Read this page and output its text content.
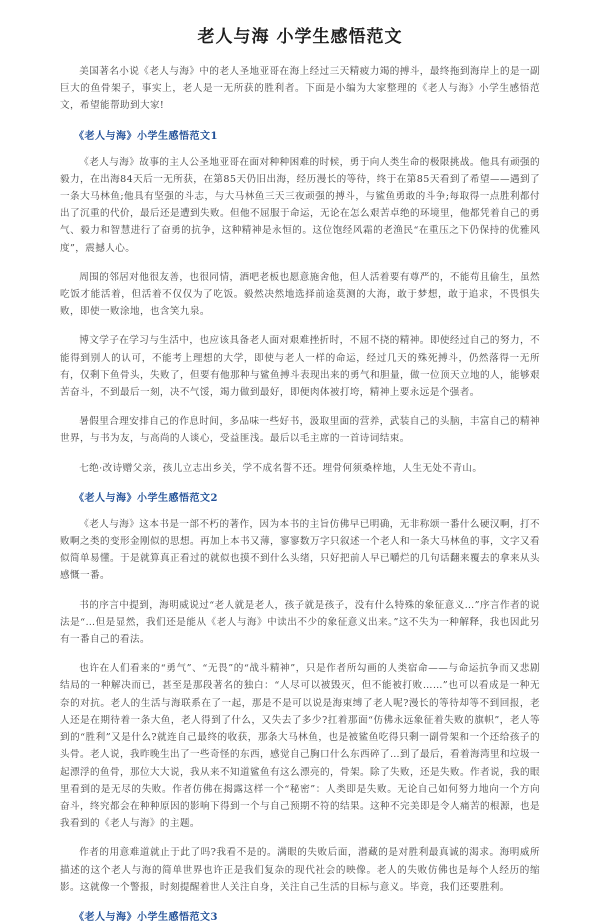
老人与海 小学生感悟范文

美国著名小说《老人与海》中的老人圣地亚哥在海上经过三天精疲力竭的搏斗，最终拖到海岸上的是一副巨大的鱼骨架子，事实上，老人是一无所获的胜利者。下面是小编为大家整理的《老人与海》小学生感悟范文，希望能帮助到大家!

《老人与海》小学生感悟范文1

《老人与海》故事的主人公圣地亚哥在面对种种困难的时候，勇于向人类生命的极限挑战。他具有顽强的毅力，在出海84天后一无所获，在第85天仍旧出海，经历漫长的等待，终于在第85天看到了希望——遇到了一条大马林鱼;他具有坚强的斗志，与大马林鱼三天三夜顽强的搏斗，与鲨鱼勇敢的斗争;每取得一点胜利都付出了沉重的代价，最后还是遭到失败。但他不屈服于命运，无论在怎么艰苦卓绝的环境里，他都凭着自己的勇气、毅力和智慧进行了奋勇的抗争，这种精神是永恒的。这位饱经风霜的老渔民“在重压之下仍保持的优雅风度”，震撼人心。

周围的邻居对他很友善，也很同情，酒吧老板也愿意施舍他，但人活着要有尊严的，不能苟且偷生，虽然吃饭才能活着，但活着不仅仅为了吃饭。毅然决然地选择前途莫测的大海，敢于梦想，敢于追求，不畏惧失败，即使一败涂地，也含笑九泉。

博文学子在学习与生活中，也应该具备老人面对艰难挫折时，不屈不挠的精神。即使经过自己的努力，不能得到别人的认可，不能考上理想的大学，即使与老人一样的命运，经过几天的殊死搏斗，仍然落得一无所有，仅剩下鱼骨头，失败了，但要有他那种与鲨鱼搏斗表现出来的勇气和胆量，做一位顶天立地的人，能够艰苦奋斗，不到最后一刻，决不气馁，竭力做到最好，即便肉体被打垮，精神上要永远是个强者。

暑假里合理安排自己的作息时间，多品味一些好书，汲取里面的营养，武装自己的头脑，丰富自己的精神世界，与书为友，与高尚的人谈心，受益匪浅。最后以毛主席的一首诗词结束。

七绝·改诗赠父亲，孩儿立志出乡关，学不成名誓不还。埋骨何须桑梓地，人生无处不青山。

《老人与海》小学生感悟范文2

《老人与海》这本书是一部不朽的著作，因为本书的主旨仿佛早已明确，无非称颂一番什么硬汉啊，打不败啊之类的变形金刚似的思想。再加上本书又薄，寥寥数万字只叙述一个老人和一条大马林鱼的事，文字又看似简单易懂。于是就算真正看过的就似也摸不到什么头绪，只好把前人早已嚼烂的几句话翻来覆去的拿来从头感慨一番。

书的序言中提到，海明威说过“老人就是老人，孩子就是孩子，没有什么特殊的象征意义…”序言作者的说法是“…但是显然，我们还是能从《老人与海》中读出不少的象征意义出来。”这不失为一种解释，我也因此另有一番自己的看法。

也许在人们看来的“勇气”、“无畏”的“战斗精神”，只是作者所勾画的人类宿命——与命运抗争而又悲剧结局的一种解决而已，甚至是那段著名的独白：“人尽可以被毁灭，但不能被打败……”也可以看成是一种无奈的对抗。老人的生活与海联系在了一起，那是不是可以说是海束缚了老人呢?漫长的等待却等不到回报，老人还是在期待着一条大鱼，老人得到了什么，又失去了多少?扛着那面“仿佛永远象征着失败的旗帜”，老人等到的“胜利”又是什么?就连自己最终的收获，那条大马林鱼，也是被鲨鱼吃得只剩一副骨架和一个还给孩子的头骨。老人说，我昨晚生出了一些奇怪的东西，感觉自己胸口什么东西碎了…到了最后，看着海湾里和垃圾一起漂浮的鱼骨，那位大大说，我从来不知道鲨鱼有这么漂亮的，骨架。除了失败，还是失败。作者说，我的眼里看到的是无尽的失败。作者仿佛在揭露这样一个“秘密”：人类即是失败。无论自己如何努力地向一个方向奋斗，终究都会在种种原因的影响下得到一个与自己预期不符的结果。这种不完美即是令人痛苦的根源，也是我看到的《老人与海》的主题。

作者的用意难道就止于此了吗?我看不是的。满眼的失败后面，潜藏的是对胜利最真诚的渴求。海明威所描述的这个老人与海的简单世界也许正是我们复杂的现代社会的映像。老人的失败仿佛也是每个人经历的缩影。这就像一个警报，时刻提醒着世人关注自身，关注自己生活的目标与意义。毕竟，我们还要胜利。

《老人与海》小学生感悟范文3
